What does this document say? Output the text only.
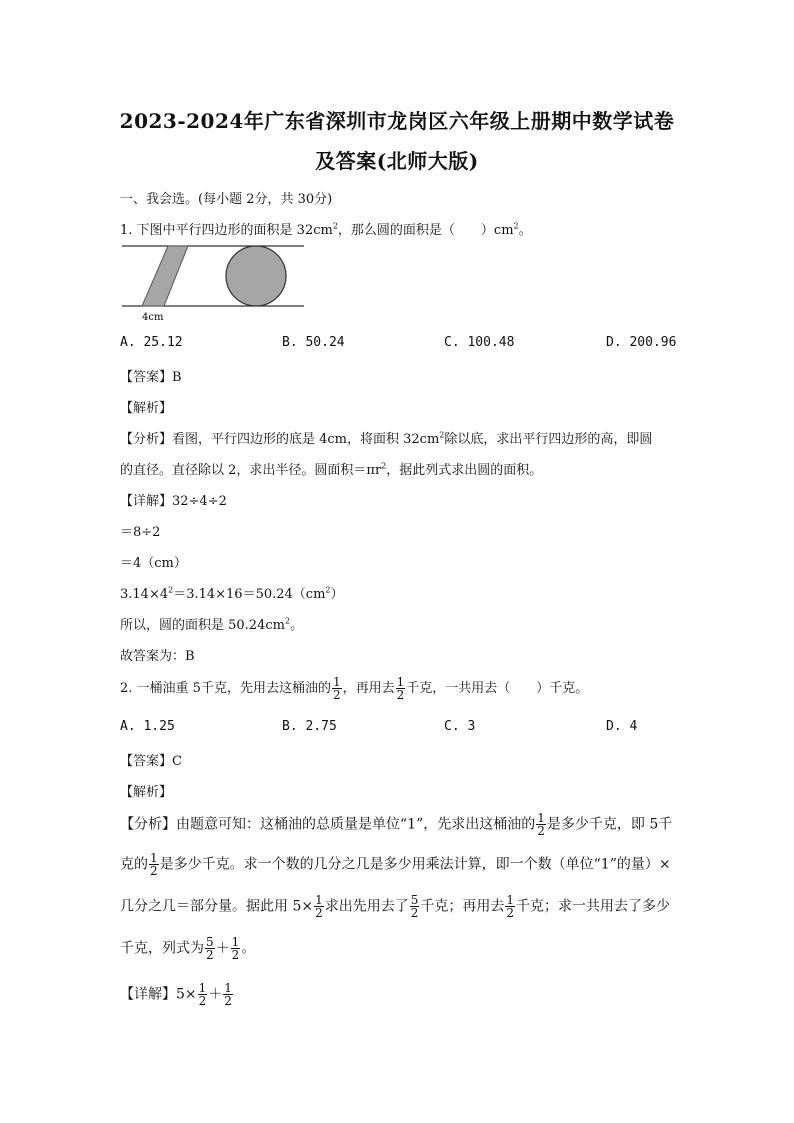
2023-2024年广东省深圳市龙岗区六年级上册期中数学试卷
及答案(北师大版)
一、我会选。(每小题 2分，共 30分)
1. 下图中平行四边形的面积是 $32cm^2$，那么圆的面积是（　　）$cm^2$。
4cm
A. 25.12	B. 50.24	C. 100.48	D. 200.96
【答案】B
【解析】
【分析】看图，平行四边形的底是 4cm，将面积 $32cm^2$除以底，求出平行四边形的高，即圆
的直径。直径除以 2，求出半径。圆面积$=\pi r^2$，据此列式求出圆的面积。
【详解】32÷4÷2
＝8÷2
＝4（cm）
$3.14\times 4^2=3.14\times 16=50.24(cm^2)$
所以，圆的面积是 $50.24cm^2$。
故答案为：B
2. 一桶油重 5千克，先用去这桶油的 $\frac{1}{2}$ ，再用去 $\frac{1}{2}$ 千克，一共用去（　　）千克。
A. 1.25	B. 2.75	C. 3	D. 4
【答案】C
【解析】
【分析】由题意可知：这桶油的总质量是单位“1”，先求出这桶油的 $\frac{1}{2}$ 是多少千克，即 5千
克的 $\frac{1}{2}$ 是多少千克。求一个数的几分之几是多少用乘法计算，即一个数（单位“1”的量）×
几分之几＝部分量。据此用 $5\times \frac{1}{2}$ 求出先用去了 $\frac{5}{2}$ 千克；再用去 $\frac{1}{2}$ 千克；求一共用去了多少
千克，列式为 $\frac{5}{2} + \frac{1}{2}$ 。
【详解】$5\times \frac{1}{2} + \frac{1}{2}$
